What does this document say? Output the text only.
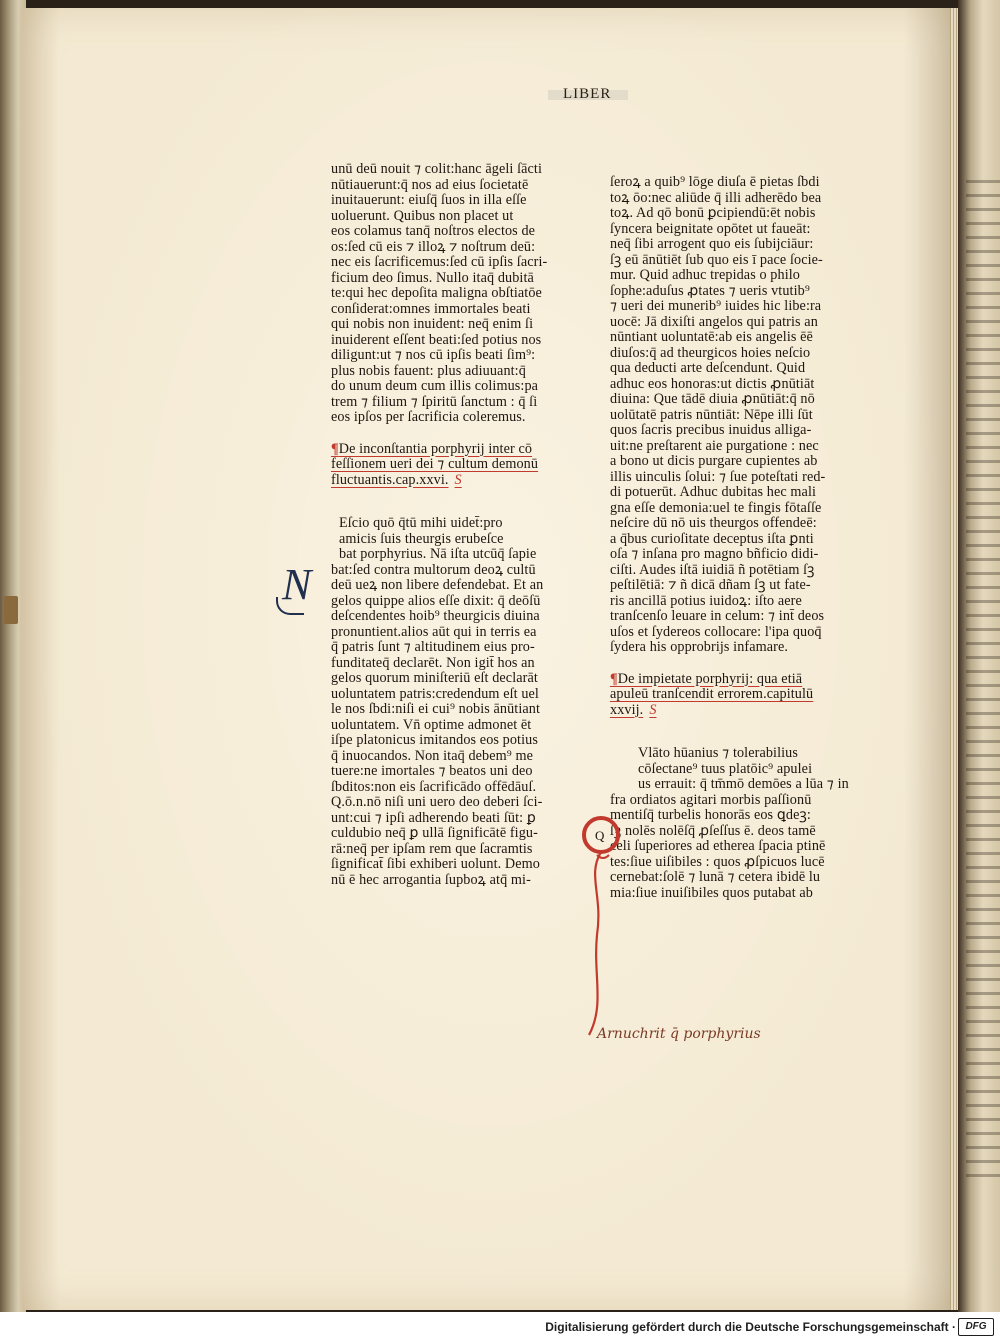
LIBER
unū deū nouit ⁊ colit:hanc āgeli ſācti
nūtiauerunt:q̄ nos ad eius ſocietatē
inuitauerunt: eiuſq̄ ſuos in illa eſſe
uoluerunt. Quibus non placet ut
eos colamus tanq̄ noſtros electos de
os:ſed cū eis ⁊ illoꝝ ⁊ noſtrum deū:
nec eis ſacrificemus:ſed cū ipſis ſacri-
ficium deo ſimus. Nullo itaq̄ dubitā
te:qui hec depoſita maligna obſtiatōe
conſiderat:omnes immortales beati
qui nobis non inuident: neq̄ enim ſi
inuiderent eſſent beati:ſed potius nos
diligunt:ut ⁊ nos cū ipſis beati ſim⁹:
plus nobis fauent: plus adiuuant:q̄
do unum deum cum illis colimus:pa
trem ⁊ filium ⁊ ſpiritū ſanctum : q̄ ſi
eos ipſos per ſacrificia coleremus.
¶De inconſtantia porphyrij inter cō
feſſionem ueri dei ⁊ cultum demonū
fluctuantis.cap.xxvi. S
Eſcio quō q̄tū mihi uidet̄:pro
amicis ſuis theurgis erubeſce
bat porphyrius. Nā iſta utcūq̄ ſapie
bat:ſed contra multorum deoꝝ cultū
deū ueꝝ non libere defendebat. Et an
gelos quippe alios eſſe dixit: q̄ deōſū
deſcendentes hoib⁹ theurgicis diuina
pronuntient.alios aūt qui in terris ea
q̄ patris ſunt ⁊ altitudinem eius pro-
funditateq̄ declarēt. Non igit̄ hos an
gelos quorum miniſteriū eſt declarāt
uoluntatem patris:credendum eſt uel
le nos ſbdi:niſi ei cui⁹ nobis ānūtiant
uoluntatem. Vn̄ optime admonet ēt
iſpe platonicus imitandos eos potius
q̄ inuocandos. Non itaq̄ debem⁹ me
tuere:ne imortales ⁊ beatos uni deo
ſbditos:non eis ſacrificādo offēdāuſ.
Q.ō.n.nō niſi uni uero deo deberi ſci-
unt:cui ⁊ ipſi adherendo beati ſūt: ꝑ
culdubio neq̄ ꝑ ullā ſignificātē figu-
rā:neq̄ per ipſam rem que ſacramtis
ſignificat̄ ſibi exhiberi uolunt. Demo
nū ē hec arrogantia ſupboꝝ atq̄ mi-
N
ſeroꝝ a quib⁹ lōge diuſa ē pietas ſbdi
toꝝ ōo:nec aliūde q̄ illi adherēdo bea
toꝝ. Ad qō bonū ꝑcipiendū:ēt nobis
ſyncera beignitate opōtet ut faueāt:
neq̄ ſibi arrogent quo eis ſubijciāur:
ſꝫ eū ānūtiēt ſub quo eis ī pace ſocie-
mur. Quid adhuc trepidas o philo
ſophe:aduſus ꝓtates ⁊ ueris vtutib⁹
⁊ ueri dei munerib⁹ iuides hic libe:ra
uocē: Jā dixiſti angelos qui patris an
nūntiant uoluntatē:ab eis angelis ēē
diuſos:q̄ ad theurgicos hoies neſcio
qua deducti arte deſcendunt. Quid
adhuc eos honoras:ut dictis ꝓnūtiāt
diuina: Que tādē diuia ꝓnūtiāt:q̄ nō
uolūtatē patris nūntiāt: Nēpe illi ſūt
quos ſacris precibus inuidus alliga-
uit:ne preſtarent aie purgatione : nec
a bono ut dicis purgare cupientes ab
illis uinculis ſolui: ⁊ ſue poteſtati red-
di potuerūt. Adhuc dubitas hec mali
gna eſſe demonia:uel te fingis fōtaſſe
neſcire dū nō uis theurgos offendeē:
a q̄bus curioſitate deceptus iſta ꝑnti
oſa ⁊ inſana pro magno bñficio didi-
ciſti. Audes iſtā iuidiā ñ potētiam ſꝫ
peſtilētiā: ⁊ ñ dicā dñam ſꝫ ut fate-
ris ancillā potius iuidoꝝ: iſto aere
tranſcenſo leuare in celum: ⁊ int̄ deos
uſos et ſydereos collocare: l'ipa quoq̄
ſydera his opprobrijs infamare.
¶De impietate porphyrij: qua etiā
apuleū tranſcendit errorem.capitulū
xxvij. S
Vlāto hūanius ⁊ tolerabilius
cōſectane⁹ tuus platōic⁹ apulei
us errauit: q̄ tm̄mō demōes a lūa ⁊ in
fra ordiatos agitari morbis paſſionū
mentiſq̄ turbelis honorās eos ꝗdeꝫ:
ſꝫ nolēs nolēſq̄ ꝓſeſſus ē. deos tamē
celi ſuperiores ad etherea ſpacia ptinē
tes:ſiue uiſibiles : quos ꝓſpicuos lucē
cernebat:ſolē ⁊ lunā ⁊ cetera ibidē lu
mia:ſiue inuiſibiles quos putabat ab
Q
Arnuchrit q̄ porphyrius
Digitalisierung gefördert durch die Deutsche Forschungsgemeinschaft · DFG
